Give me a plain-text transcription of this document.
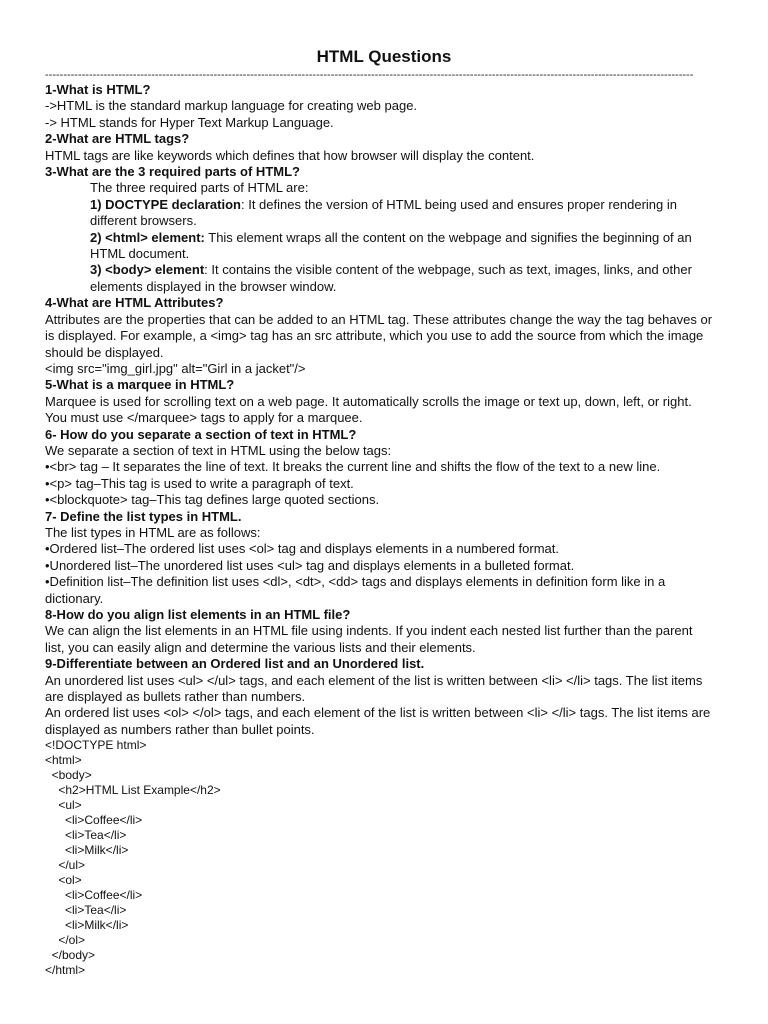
HTML Questions
---------------------------------------------------------------------------------------------------------------------------------------------------------------------------------

1-What is HTML?

->HTML is the standard markup language for creating web page.

-> HTML stands for Hyper Text Markup Language.

2-What are HTML tags?

HTML tags are like keywords which defines that how browser will display the content.

3-What are the 3 required parts of HTML?

The three required parts of HTML are:

1) DOCTYPE declaration: It defines the version of HTML being used and ensures proper rendering in different browsers.

2) <html> element: This element wraps all the content on the webpage and signifies the beginning of an HTML document.

3) <body> element: It contains the visible content of the webpage, such as text, images, links, and other elements displayed in the browser window.

4-What are HTML Attributes?

Attributes are the properties that can be added to an HTML tag. These attributes change the way the tag behaves or is displayed. For example, a <img> tag has an src attribute, which you use to add the source from which the image should be displayed.

<img src="img_girl.jpg" alt="Girl in a jacket"/>

5-What is a marquee in HTML?

Marquee is used for scrolling text on a web page. It automatically scrolls the image or text up, down, left, or right. You must use </marquee> tags to apply for a marquee.

6- How do you separate a section of text in HTML?

We separate a section of text in HTML using the below tags:

•<br> tag – It separates the line of text. It breaks the current line and shifts the flow of the text to a new line.

•<p> tag–This tag is used to write a paragraph of text.

•<blockquote> tag–This tag defines large quoted sections.

7- Define the list types in HTML.

The list types in HTML are as follows:

•Ordered list–The ordered list uses <ol> tag and displays elements in a numbered format.

•Unordered list–The unordered list uses <ul> tag and displays elements in a bulleted format.

•Definition list–The definition list uses <dl>, <dt>, <dd> tags and displays elements in definition form like in a dictionary.

8-How do you align list elements in an HTML file?

We can align the list elements in an HTML file using indents. If you indent each nested list further than the parent list, you can easily align and determine the various lists and their elements.

9-Differentiate between an Ordered list and an Unordered list.

An unordered list uses <ul> </ul> tags, and each element of the list is written between <li> </li> tags. The list items are displayed as bullets rather than numbers.

An ordered list uses <ol> </ol> tags, and each element of the list is written between <li> </li> tags. The list items are displayed as numbers rather than bullet points.

<!DOCTYPE html>

<html>

<body>

<h2>HTML List Example</h2>

<ul>

<li>Coffee</li>

<li>Tea</li>

<li>Milk</li>

</ul>

<ol>

<li>Coffee</li>

<li>Tea</li>

<li>Milk</li>

</ol>

</body>

</html>
